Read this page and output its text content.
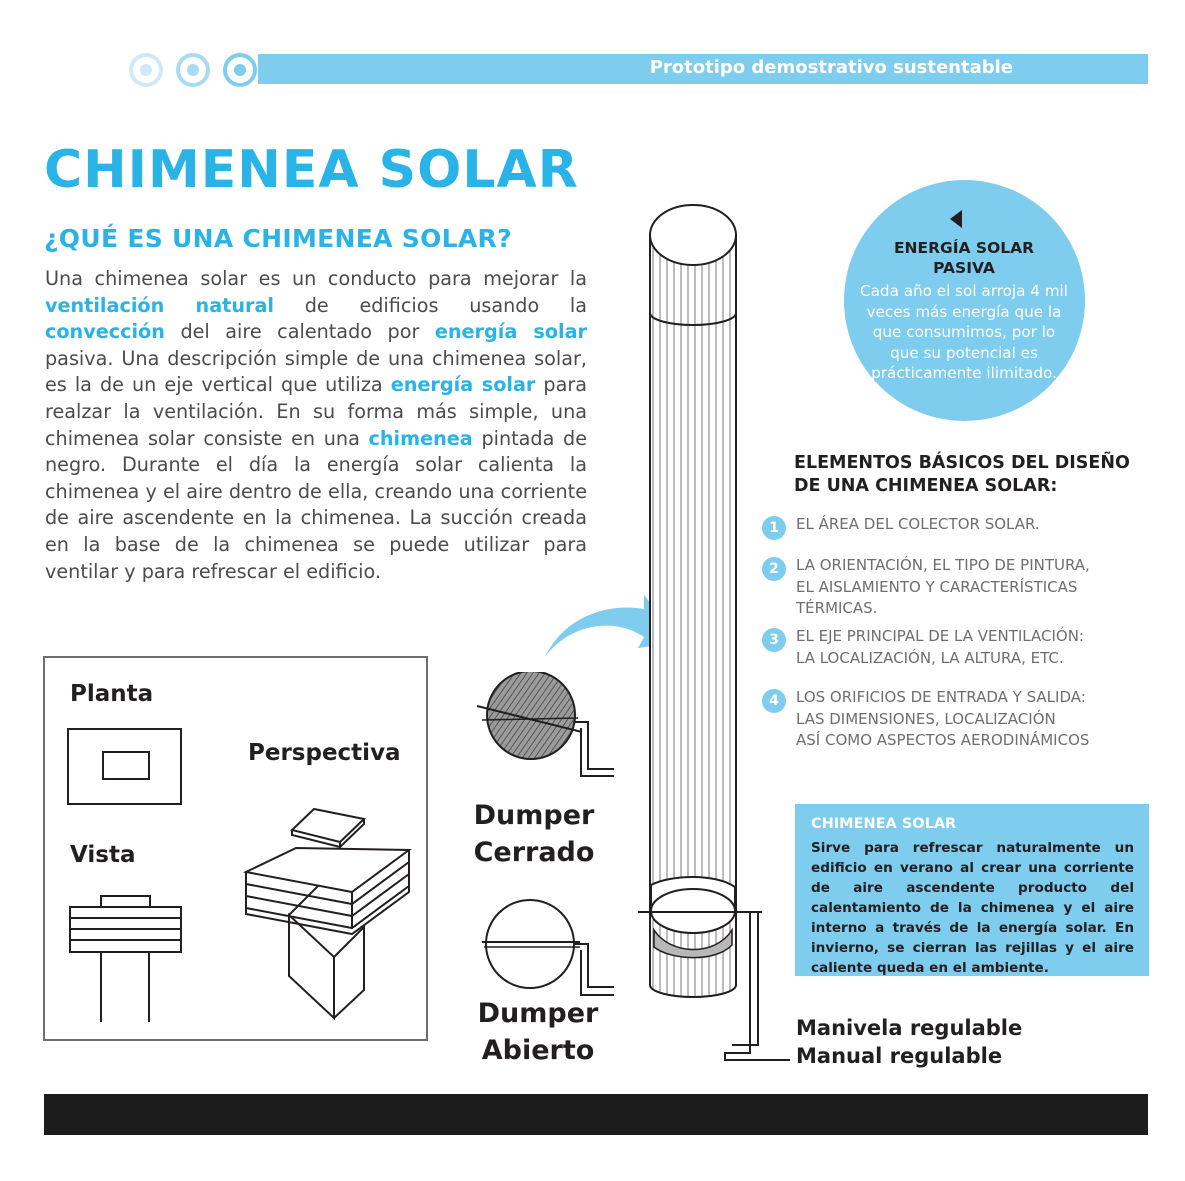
Prototipo demostrativo sustentable
CHIMENEA SOLAR
¿QUÉ ES UNA CHIMENEA SOLAR?
Una chimenea solar es un conducto para mejorar la ventilación natural de edificios usando la convección del aire calentado por energía solar pasiva. Una descripción simple de una chimenea solar, es la de un eje vertical que utiliza energía solar para realzar la ventilación. En su forma más simple, una chimenea solar consiste en una chimenea pintada de negro. Durante el día la energía solar calienta la chimenea y el aire dentro de ella, creando una corriente de aire ascendente en la chimenea. La succión creada en la base de la chimenea se puede utilizar para ventilar y para refrescar el edificio.
Planta
Vista
Perspectiva
Dumper
Cerrado
Dumper
Abierto
ENERGÍA SOLAR
PASIVA
Cada año el sol arroja 4 mil veces más energía que la que consumimos, por lo que su potencial es prácticamente ilimitado.
ELEMENTOS BÁSICOS DEL DISEÑO
DE UNA CHIMENEA SOLAR:
1	EL ÁREA DEL COLECTOR SOLAR.
2	LA ORIENTACIÓN, EL TIPO DE PINTURA,
EL AISLAMIENTO Y CARACTERÍSTICAS
TÉRMICAS.
3	EL EJE PRINCIPAL DE LA VENTILACIÓN:
LA LOCALIZACIÓN, LA ALTURA, ETC.
4	LOS ORIFICIOS DE ENTRADA Y SALIDA:
LAS DIMENSIONES, LOCALIZACIÓN
ASÍ COMO ASPECTOS AERODINÁMICOS
CHIMENEA SOLAR
Sirve para refrescar naturalmente un edificio en verano al crear una corriente de aire ascendente producto del calentamiento de la chimenea y el aire interno a través de la energía solar. En invierno, se cierran las rejillas y el aire caliente queda en el ambiente.
Manivela regulable
Manual regulable
